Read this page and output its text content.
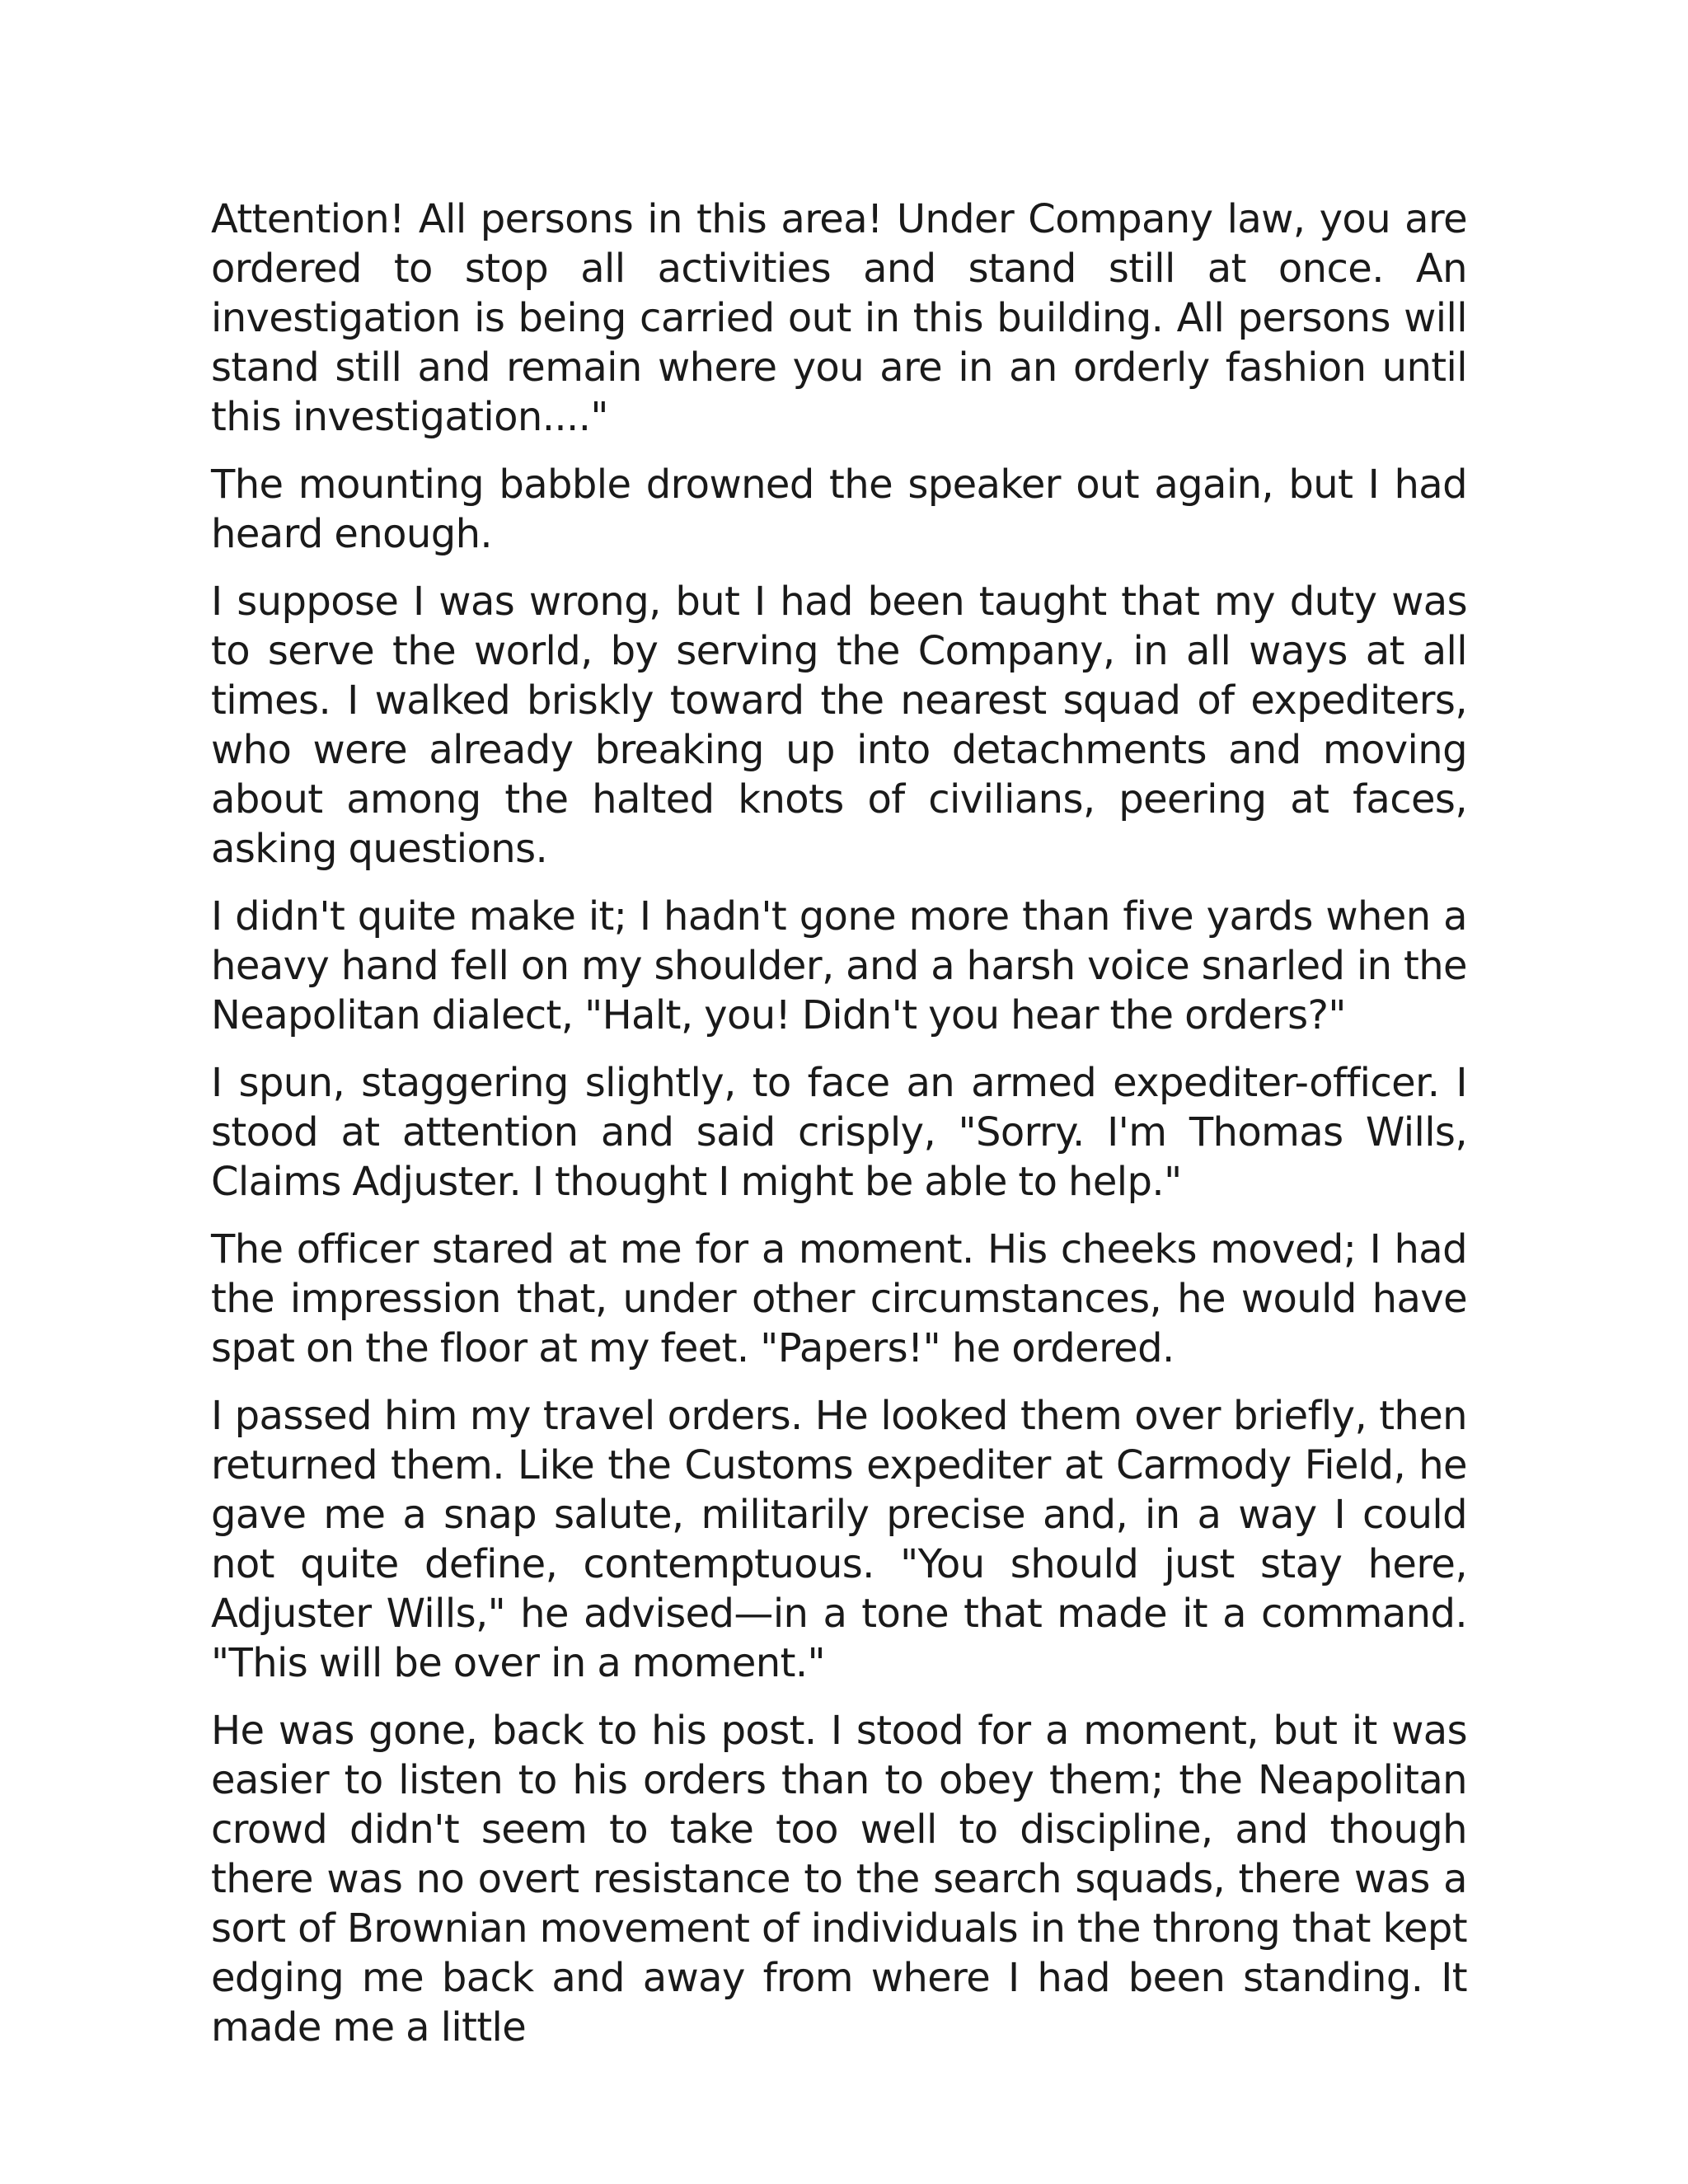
Attention! All persons in this area! Under Company law, you are ordered to stop all activities and stand still at once. An investigation is being carried out in this building. All persons will stand still and remain where you are in an orderly fashion until this investigation...."

The mounting babble drowned the speaker out again, but I had heard enough.

I suppose I was wrong, but I had been taught that my duty was to serve the world, by serving the Company, in all ways at all times. I walked briskly toward the nearest squad of expediters, who were already breaking up into detachments and moving about among the halted knots of civilians, peering at faces, asking questions.

I didn't quite make it; I hadn't gone more than five yards when a heavy hand fell on my shoulder, and a harsh voice snarled in the Neapolitan dialect, "Halt, you! Didn't you hear the orders?"

I spun, staggering slightly, to face an armed expediter-officer. I stood at attention and said crisply, "Sorry. I'm Thomas Wills, Claims Adjuster. I thought I might be able to help."

The officer stared at me for a moment. His cheeks moved; I had the impression that, under other circumstances, he would have spat on the floor at my feet. "Papers!" he ordered.

I passed him my travel orders. He looked them over briefly, then returned them. Like the Customs expediter at Carmody Field, he gave me a snap salute, militarily precise and, in a way I could not quite define, contemptuous. "You should just stay here, Adjuster Wills," he advised—in a tone that made it a command. "This will be over in a moment."

He was gone, back to his post. I stood for a moment, but it was easier to listen to his orders than to obey them; the Neapolitan crowd didn't seem to take too well to discipline, and though there was no overt resistance to the search squads, there was a sort of Brownian movement of individuals in the throng that kept edging me back and away from where I had been standing. It made me a little
